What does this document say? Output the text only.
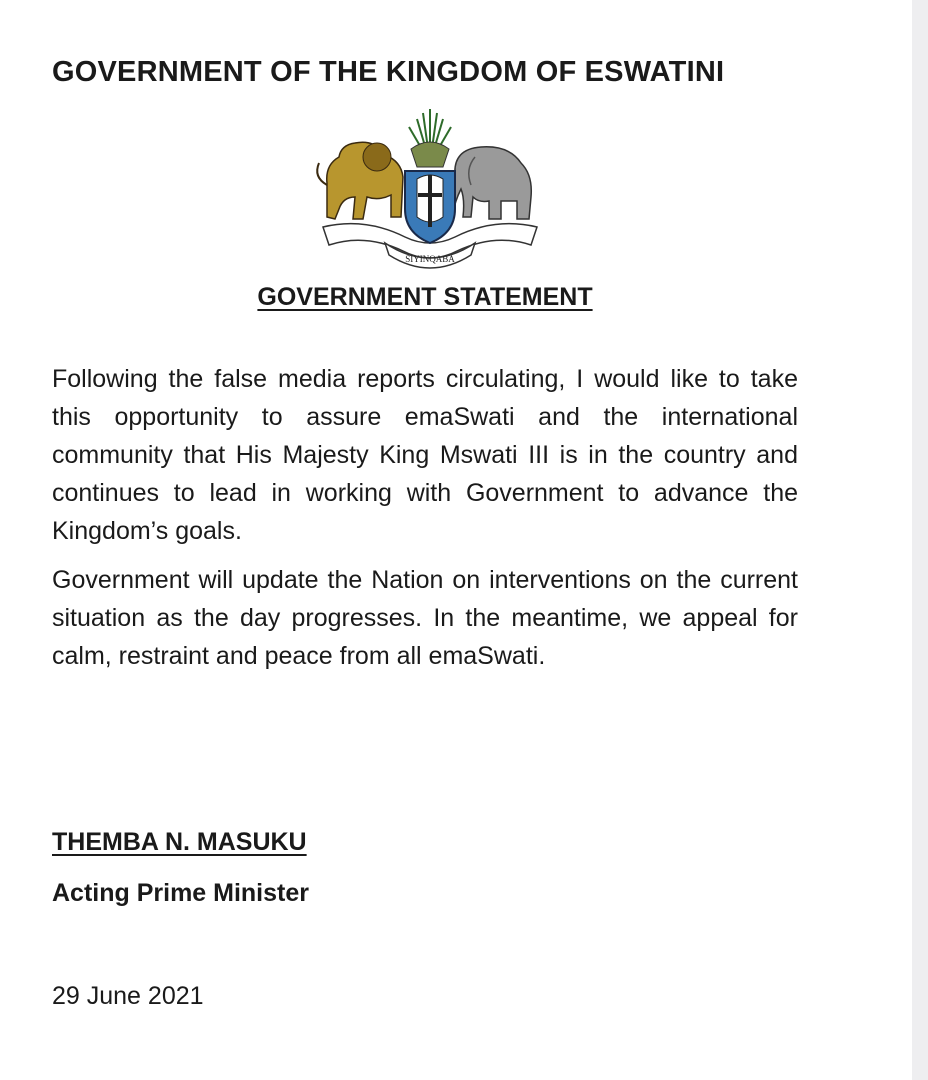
GOVERNMENT OF THE KINGDOM OF ESWATINI
SIYINQABA
GOVERNMENT STATEMENT

Following the false media reports circulating, I would like to take this opportunity to assure emaSwati and the international community that His Majesty King Mswati III is in the country and continues to lead in working with Government to advance the Kingdom’s goals.

Government will update the Nation on interventions on the current situation as the day progresses. In the meantime, we appeal for calm, restraint and peace from all emaSwati.

THEMBA N. MASUKU
Acting Prime Minister
29 June 2021
